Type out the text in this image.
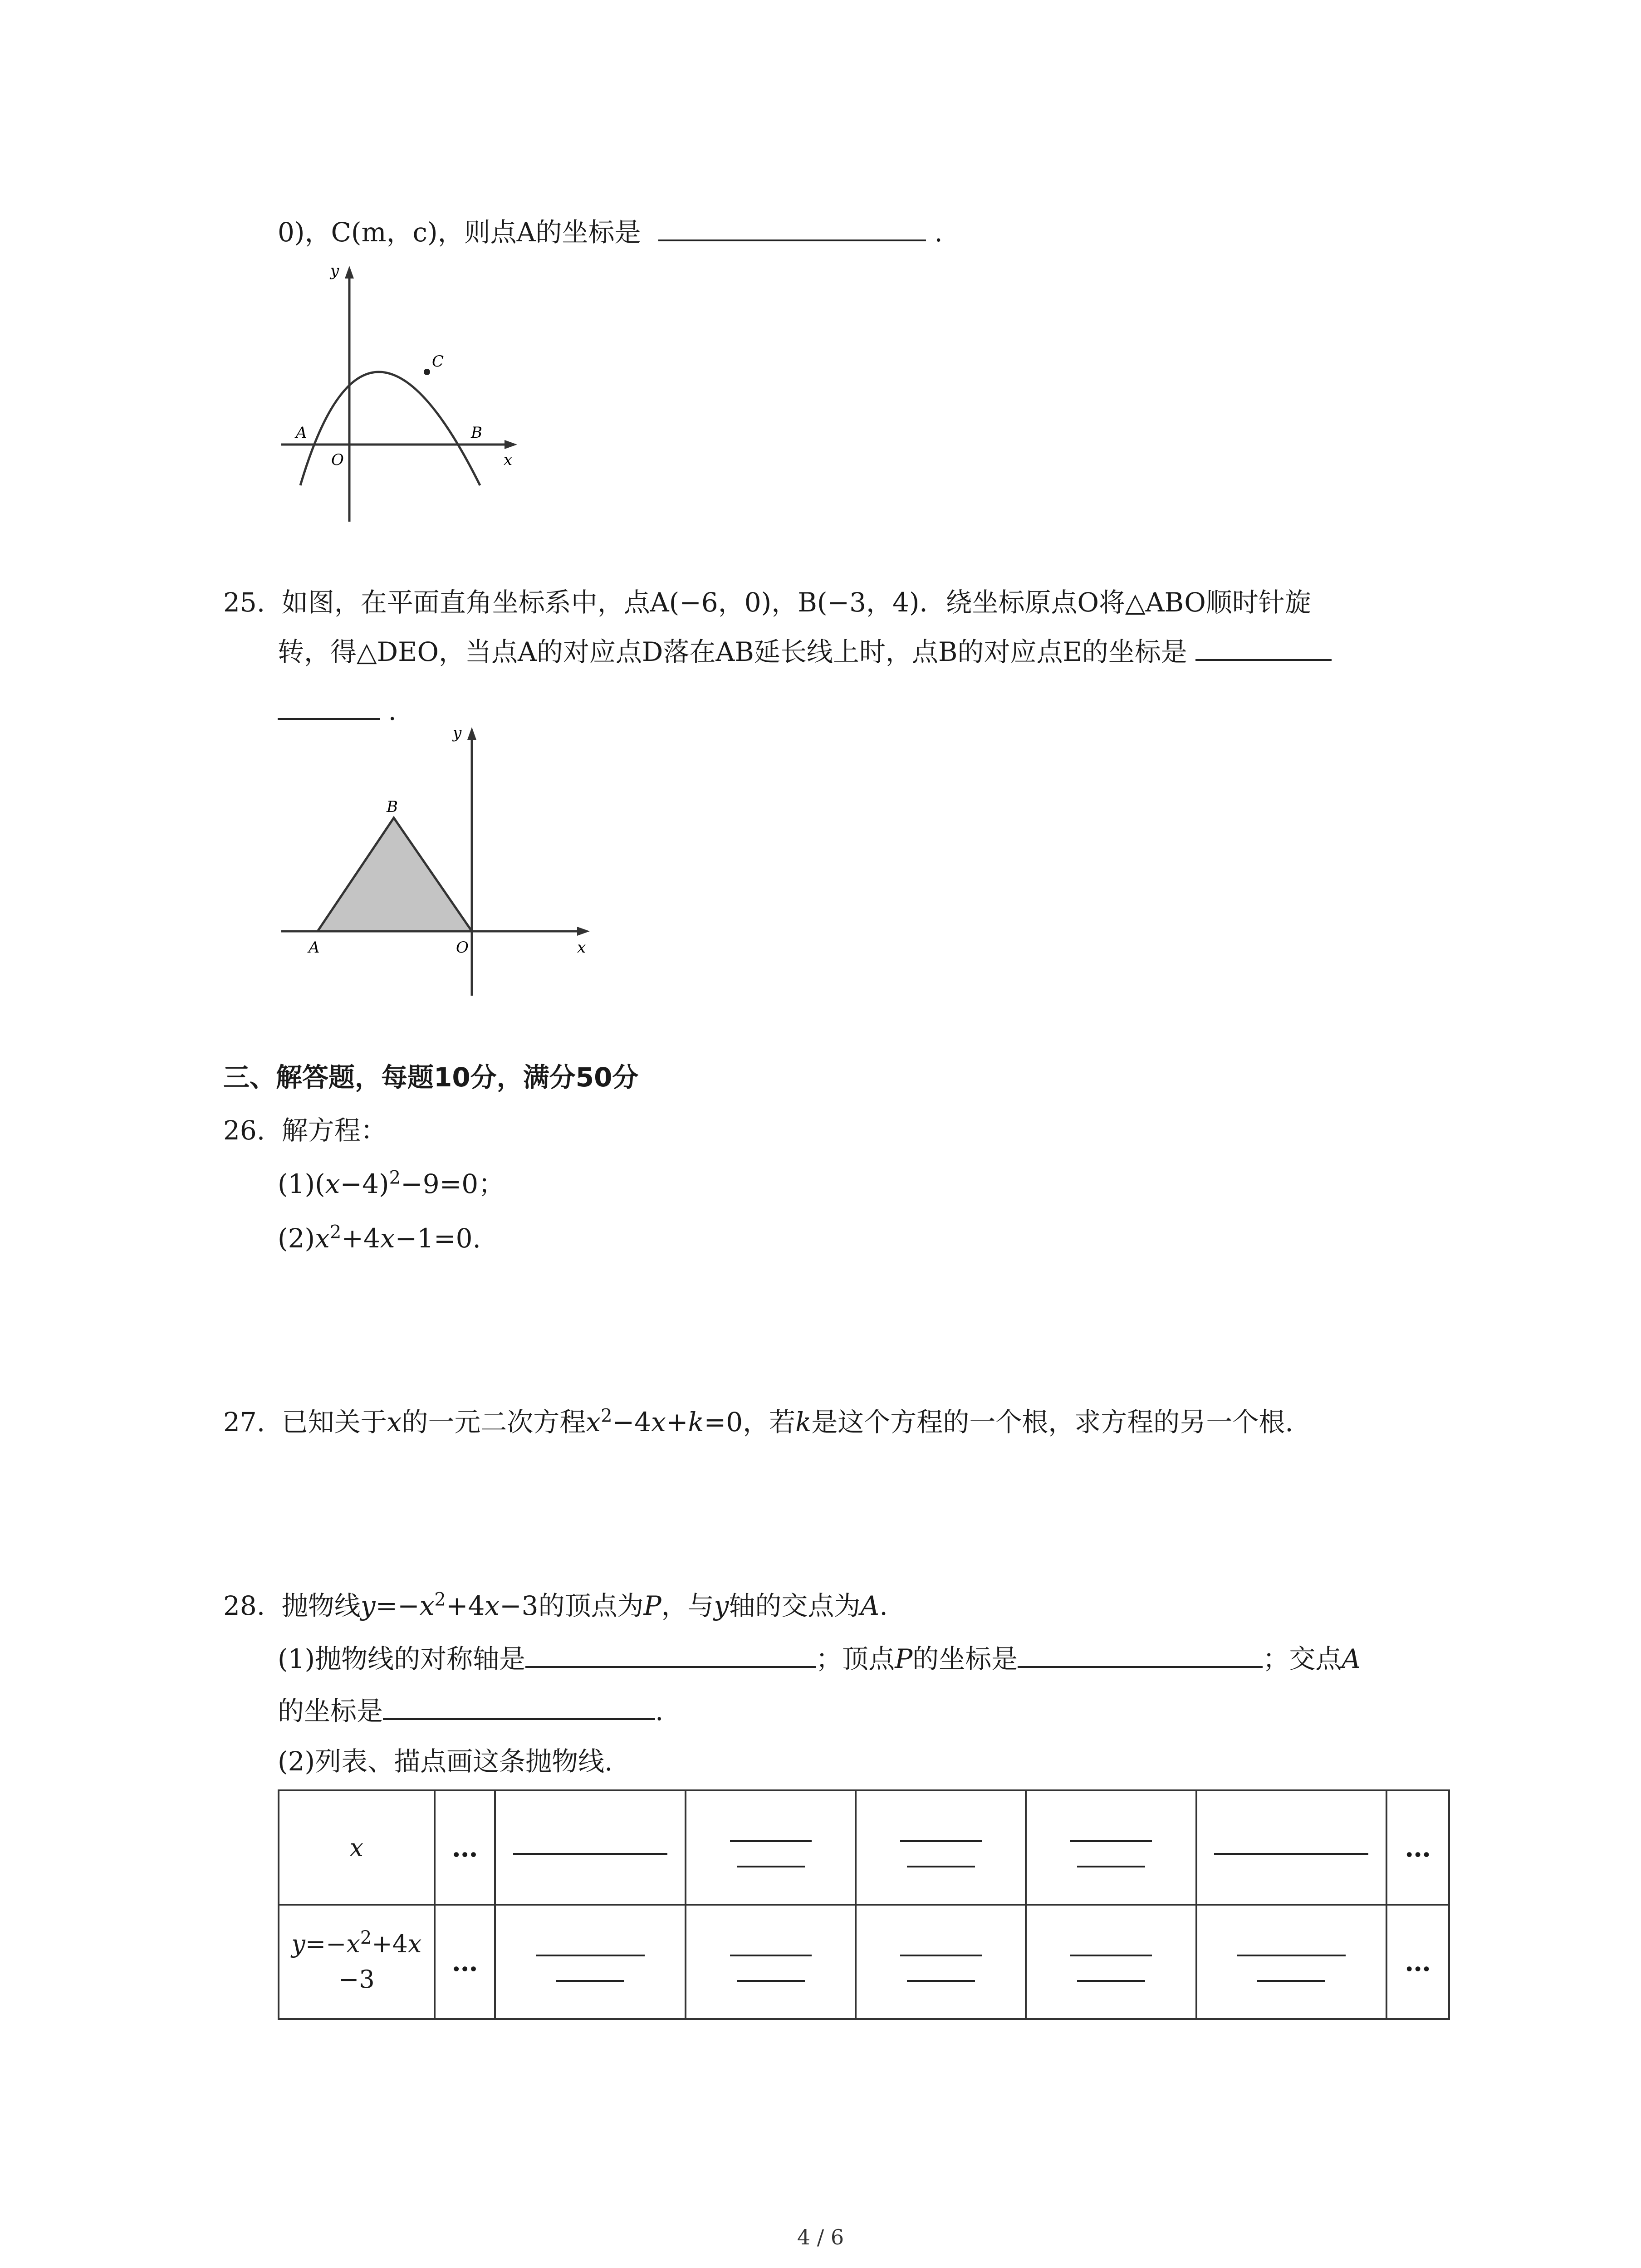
0)，C(m，c)，则点A的坐标是	.
y
x
A
O
B
C
25. 如图，在平面直角坐标系中，点A(−6，0)，B(−3，4)．绕坐标原点O将△ABO顺时针旋
转，得△DEO，当点A的对应点D落在AB延长线上时，点B的对应点E的坐标是
.
y
x
A	O
B
三、解答题，每题10分，满分50分
26. 解方程：
$(1)(x-4)^2-9=0$；
$(2)x^2+4x-1=0$.
27. 已知关于x的一元二次方程$x^2-4x+k=0$，若k是这个方程的一个根，求方程的另一个根.
28. 抛物线$y=-x^2+4x-3$的顶点为P，与y轴的交点为A.
(1)抛物线的对称轴是	；顶点P的坐标是	；交点A
的坐标是	.
(2)列表、描点画这条抛物线.
x	…						…
$y=-x^2+4x$
−3	…						…
4 / 6
